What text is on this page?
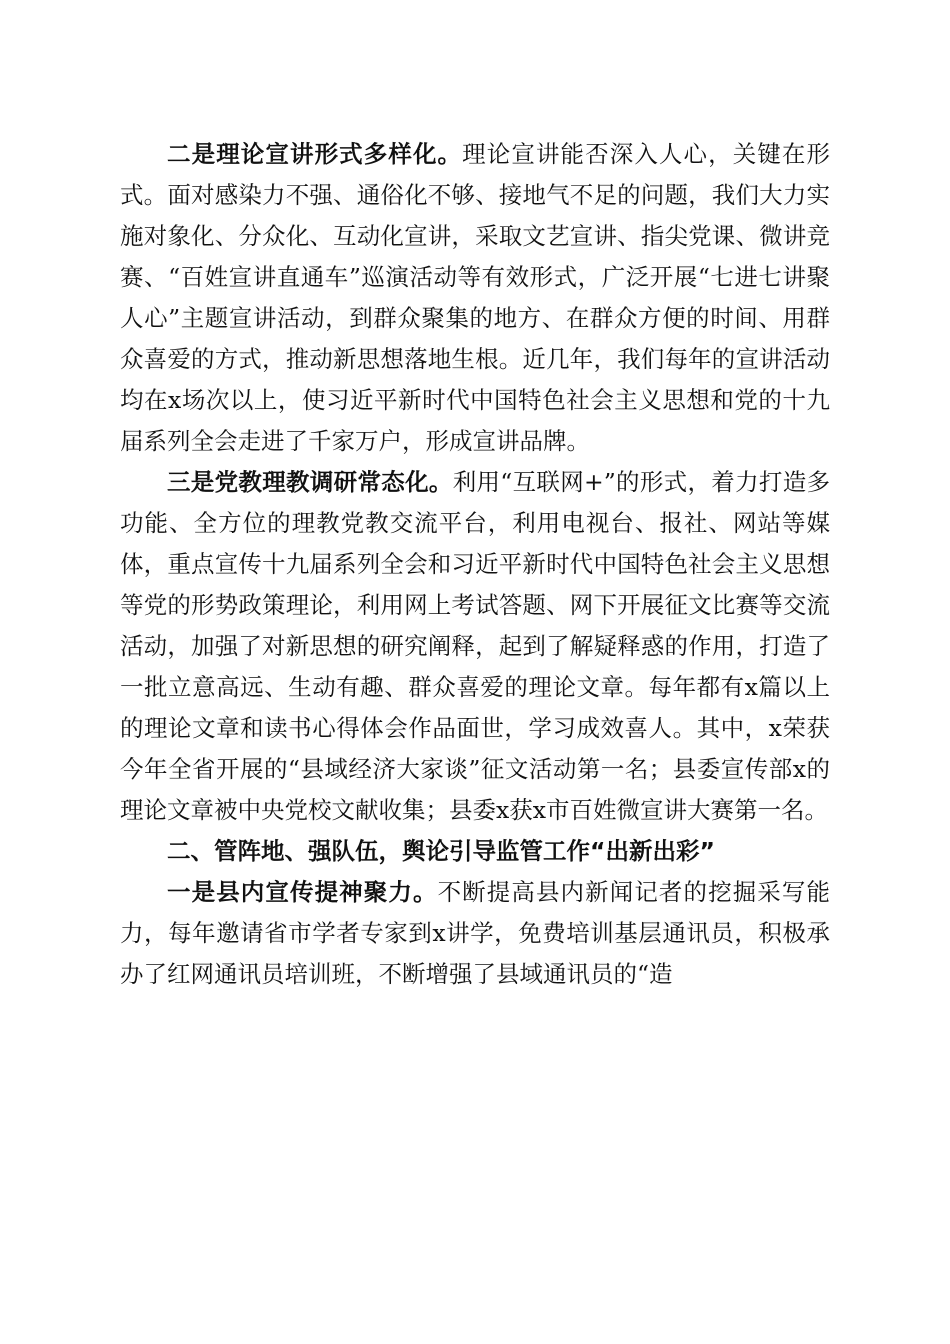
二是理论宣讲形式多样化。理论宣讲能否深入人心，关键在形式。面对感染力不强、通俗化不够、接地气不足的问题，我们大力实施对象化、分众化、互动化宣讲，采取文艺宣讲、指尖党课、微讲竞赛、“百姓宣讲直通车”巡演活动等有效形式，广泛开展“七进七讲聚人心”主题宣讲活动，到群众聚集的地方、在群众方便的时间、用群众喜爱的方式，推动新思想落地生根。近几年，我们每年的宣讲活动均在x场次以上，使习近平新时代中国特色社会主义思想和党的十九届系列全会走进了千家万户，形成宣讲品牌。

三是党教理教调研常态化。利用“互联网+”的形式，着力打造多功能、全方位的理教党教交流平台，利用电视台、报社、网站等媒体，重点宣传十九届系列全会和习近平新时代中国特色社会主义思想等党的形势政策理论，利用网上考试答题、网下开展征文比赛等交流活动，加强了对新思想的研究阐释，起到了解疑释惑的作用，打造了一批立意高远、生动有趣、群众喜爱的理论文章。每年都有x篇以上的理论文章和读书心得体会作品面世，学习成效喜人。其中，x荣获今年全省开展的“县域经济大家谈”征文活动第一名；县委宣传部x的理论文章被中央党校文献收集；县委x获x市百姓微宣讲大赛第一名。

二、管阵地、强队伍，舆论引导监管工作“出新出彩”

一是县内宣传提神聚力。不断提高县内新闻记者的挖掘采写能力，每年邀请省市学者专家到x讲学，免费培训基层通讯员，积极承办了红网通讯员培训班，不断增强了县域通讯员的“造
